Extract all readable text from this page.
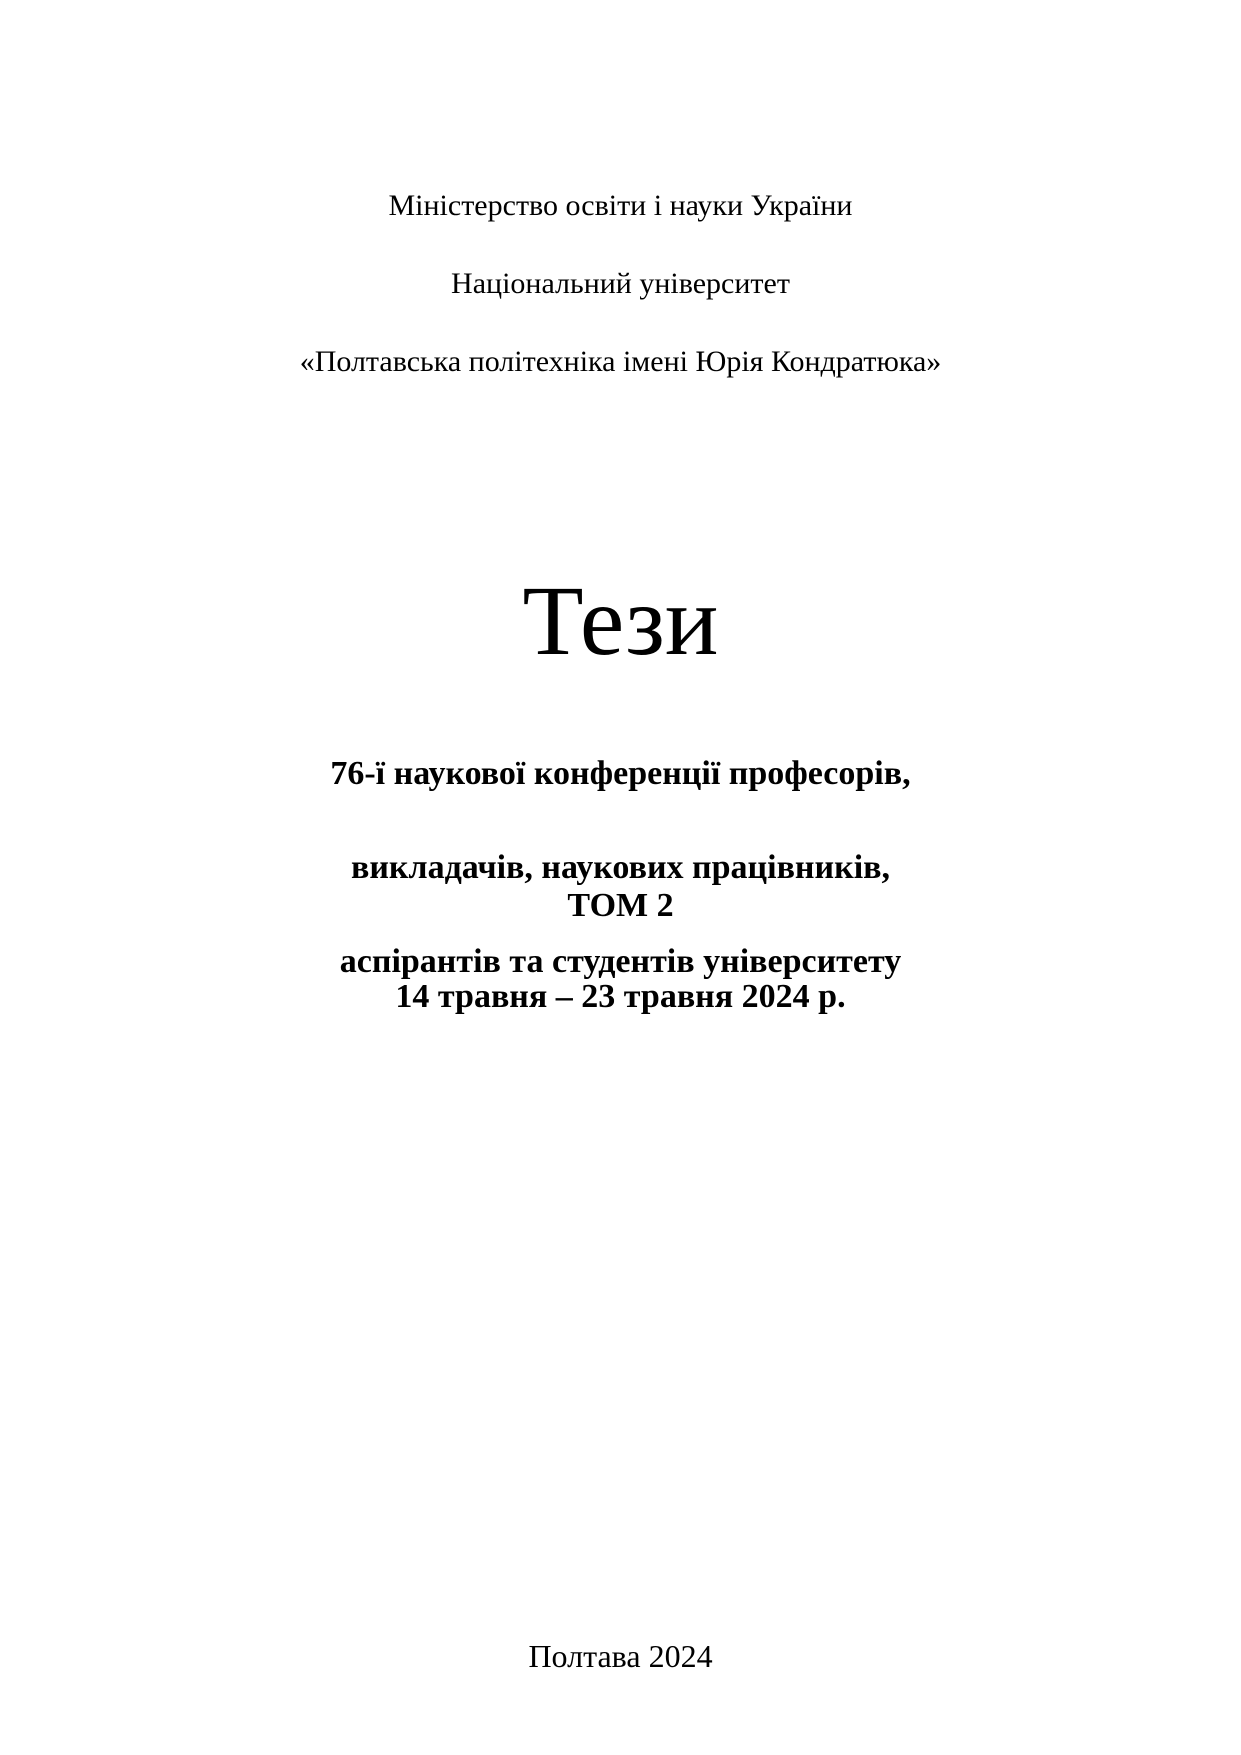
Міністерство освіти і науки України

Національний університет

«Полтавська політехніка імені Юрія Кондратюка»

Тези

76-ї наукової конференції професорів,

викладачів, наукових працівників,

аспірантів та студентів університету

ТОМ 2
14 травня – 23 травня 2024 р.
Полтава 2024
